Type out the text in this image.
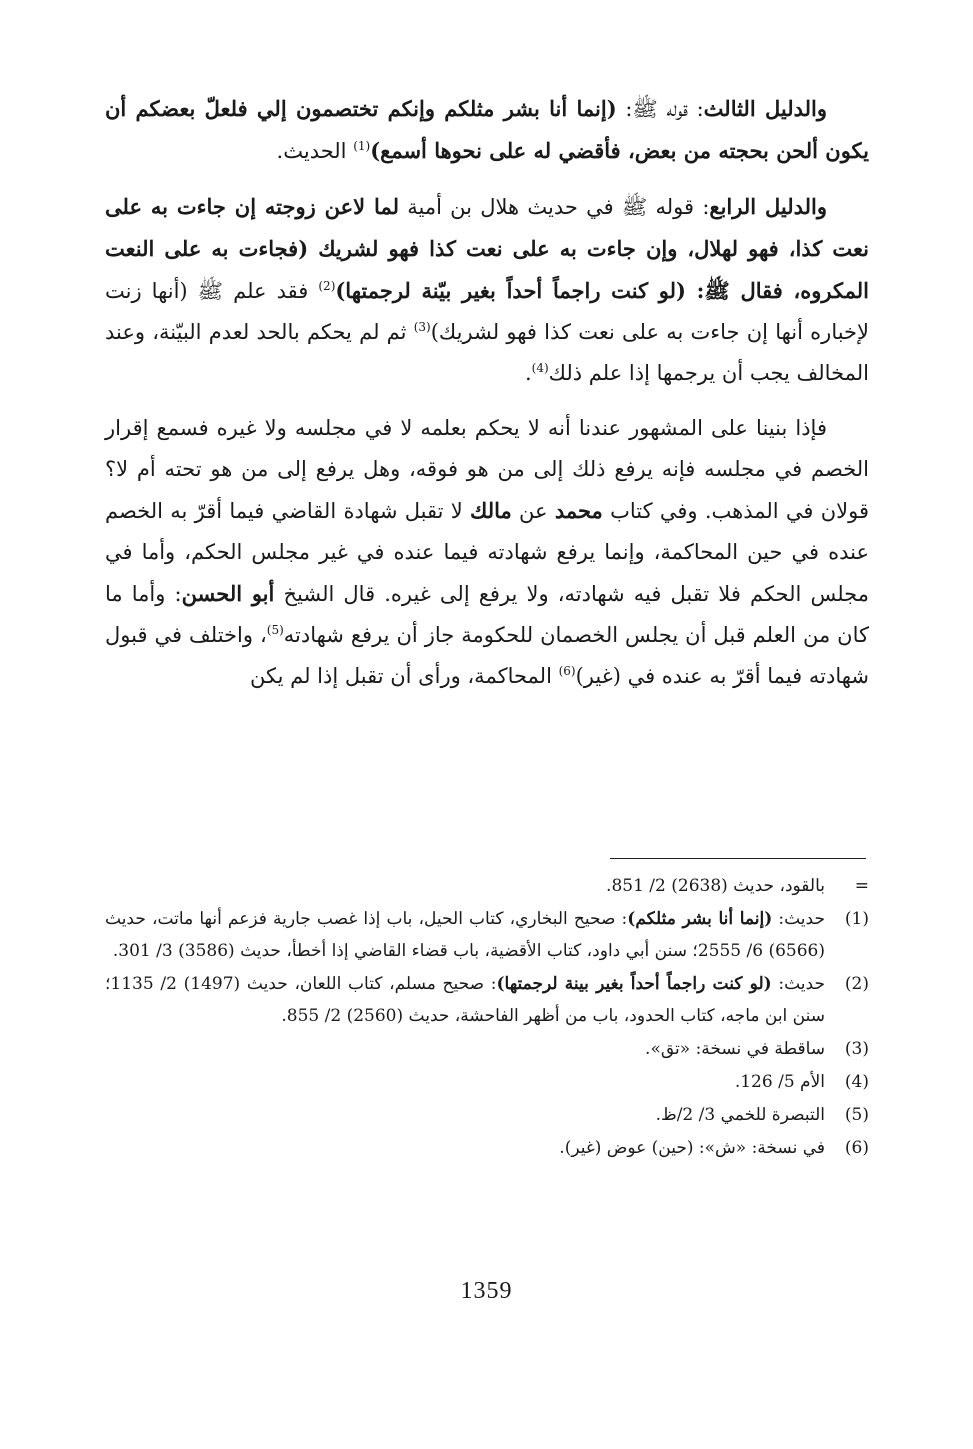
والدليل الثالث: قوله ﷺ: (إنما أنا بشر مثلكم وإنكم تختصمون إلي فلعلّ بعضكم أن يكون ألحن بحجته من بعض، فأقضي له على نحوها أسمع)$^{(1)}$ الحديث.

والدليل الرابع: قوله ﷺ في حديث هلال بن أمية لما لاعن زوجته إن جاءت به على نعت كذا، فهو لهلال، وإن جاءت به على نعت كذا فهو لشريك (فجاءت به على النعت المكروه، فقال ﷺ: (لو كنت راجماً أحداً بغير بيّنة لرجمتها)$^{(2)}$ فقد علم ﷺ (أنها زنت لإخباره أنها إن جاءت به على نعت كذا فهو لشريك)$^{(3)}$ ثم لم يحكم بالحد لعدم البيّنة، وعند المخالف يجب أن يرجمها إذا علم ذلك$^{(4)}$.

فإذا بنينا على المشهور عندنا أنه لا يحكم بعلمه لا في مجلسه ولا غيره فسمع إقرار الخصم في مجلسه فإنه يرفع ذلك إلى من هو فوقه، وهل يرفع إلى من هو تحته أم لا؟ قولان في المذهب. وفي كتاب محمد عن مالك لا تقبل شهادة القاضي فيما أقرّ به الخصم عنده في حين المحاكمة، وإنما يرفع شهادته فيما عنده في غير مجلس الحكم، وأما في مجلس الحكم فلا تقبل فيه شهادته، ولا يرفع إلى غيره. قال الشيخ أبو الحسن: وأما ما كان من العلم قبل أن يجلس الخصمان للحكومة جاز أن يرفع شهادته$^{(5)}$، واختلف في قبول شهادته فيما أقرّ به عنده في (غير)$^{(6)}$ المحاكمة، ورأى أن تقبل إذا لم يكن

=
بالقود، حديث (2638) 2/ 851.
(1)
حديث: (إنما أنا بشر مثلكم): صحيح البخاري، كتاب الحيل، باب إذا غصب جارية فزعم أنها ماتت، حديث (6566) 6/ 2555؛ سنن أبي داود، كتاب الأقضية، باب قضاء القاضي إذا أخطأ، حديث (3586) 3/ 301.
(2)
حديث: (لو كنت راجماً أحداً بغير بينة لرجمتها): صحيح مسلم، كتاب اللعان، حديث (1497) 2/ 1135؛ سنن ابن ماجه، كتاب الحدود، باب من أظهر الفاحشة، حديث (2560) 2/ 855.
(3)
ساقطة في نسخة: «تق».
(4)
الأم 5/ 126.
(5)
التبصرة للخمي 3/ 2/ظ.
(6)
في نسخة: «ش»: (حين) عوض (غير).
1359
